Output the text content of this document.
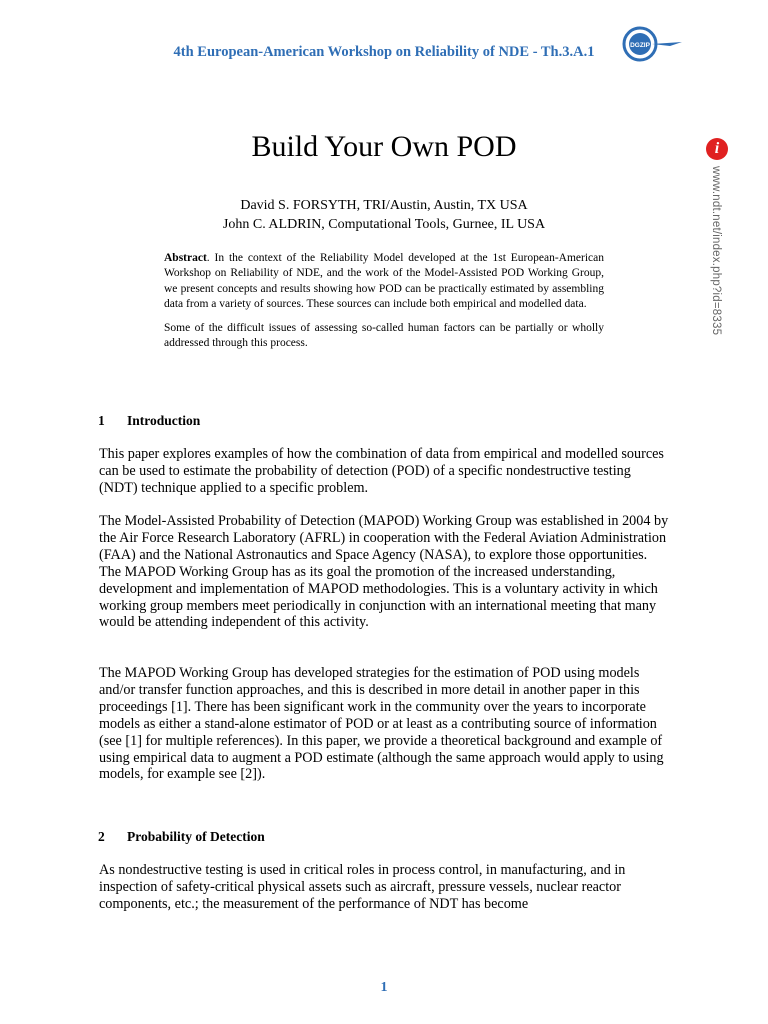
4th European-American Workshop on Reliability of NDE - Th.3.A.1	DGZIP
Build Your Own POD
David S. FORSYTH, TRI/Austin, Austin, TX USA
John C. ALDRIN, Computational Tools, Gurnee, IL USA

Abstract. In the context of the Reliability Model developed at the 1st European-American Workshop on Reliability of NDE, and the work of the Model-Assisted POD Working Group, we present concepts and results showing how POD can be practically estimated by assembling data from a variety of sources. These sources can include both empirical and modelled data.

Some of the difficult issues of assessing so-called human factors can be partially or wholly addressed through this process.

i
www.ndt.net/index.php?id=8335
1 Introduction
This paper explores examples of how the combination of data from empirical and modelled sources can be used to estimate the probability of detection (POD) of a specific nondestructive testing (NDT) technique applied to a specific problem.
The Model-Assisted Probability of Detection (MAPOD) Working Group was established in 2004 by the Air Force Research Laboratory (AFRL) in cooperation with the Federal Aviation Administration (FAA) and the National Astronautics and Space Agency (NASA), to explore those opportunities. The MAPOD Working Group has as its goal the promotion of the increased understanding, development and implementation of MAPOD methodologies. This is a voluntary activity in which working group members meet periodically in conjunction with an international meeting that many would be attending independent of this activity.
The MAPOD Working Group has developed strategies for the estimation of POD using models and/or transfer function approaches, and this is described in more detail in another paper in this proceedings [1]. There has been significant work in the community over the years to incorporate models as either a stand-alone estimator of POD or at least as a contributing source of information (see [1] for multiple references). In this paper, we provide a theoretical background and example of using empirical data to augment a POD estimate (although the same approach would apply to using models, for example see [2]).
2 Probability of Detection
As nondestructive testing is used in critical roles in process control, in manufacturing, and in inspection of safety-critical physical assets such as aircraft, pressure vessels, nuclear reactor components, etc.; the measurement of the performance of NDT has become
1
